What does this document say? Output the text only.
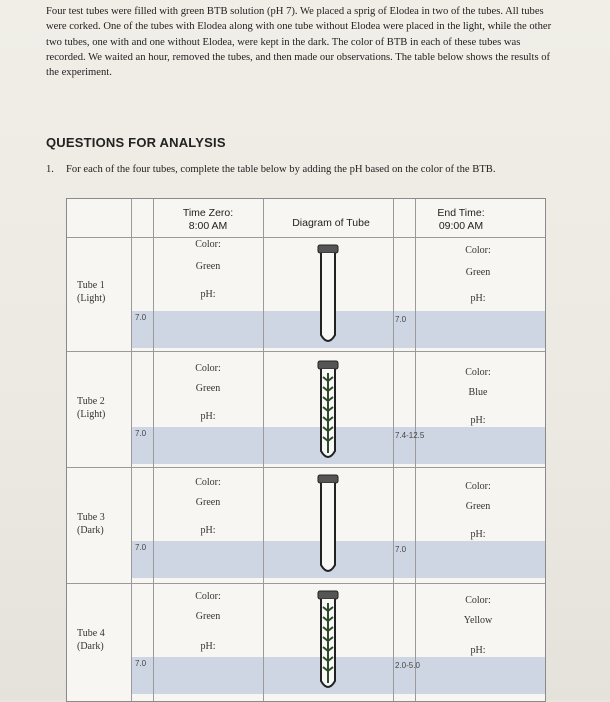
Four test tubes were filled with green BTB solution (pH 7). We placed a sprig of Elodea in two of the tubes. All tubes were corked. One of the tubes with Elodea along with one tube without Elodea were placed in the light, while the other two tubes, one with and one without Elodea, were kept in the dark. The color of BTB in each of these tubes was recorded. We waited an hour, removed the tubes, and then made our observations. The table below shows the results of the experiment.
QUESTIONS FOR ANALYSIS
1. For each of the four tubes, complete the table below by adding the pH based on the color of the BTB.
Time Zero:
8:00 AM	Diagram of Tube
End Time:
09:00 AM
Tube 1
(Light)
Color:
Green
pH:
7.0
Color:
Green
pH:
7.0
Tube 2
(Light)
Color:
Green
pH:
7.0
Color:
Blue
pH:
7.4-12.5
Tube 3
(Dark)
Color:
Green
pH:
7.0
Color:
Green
pH:
7.0
Tube 4
(Dark)
Color:
Green
pH:
7.0
Color:
Yellow
pH:
2.0-5.0
